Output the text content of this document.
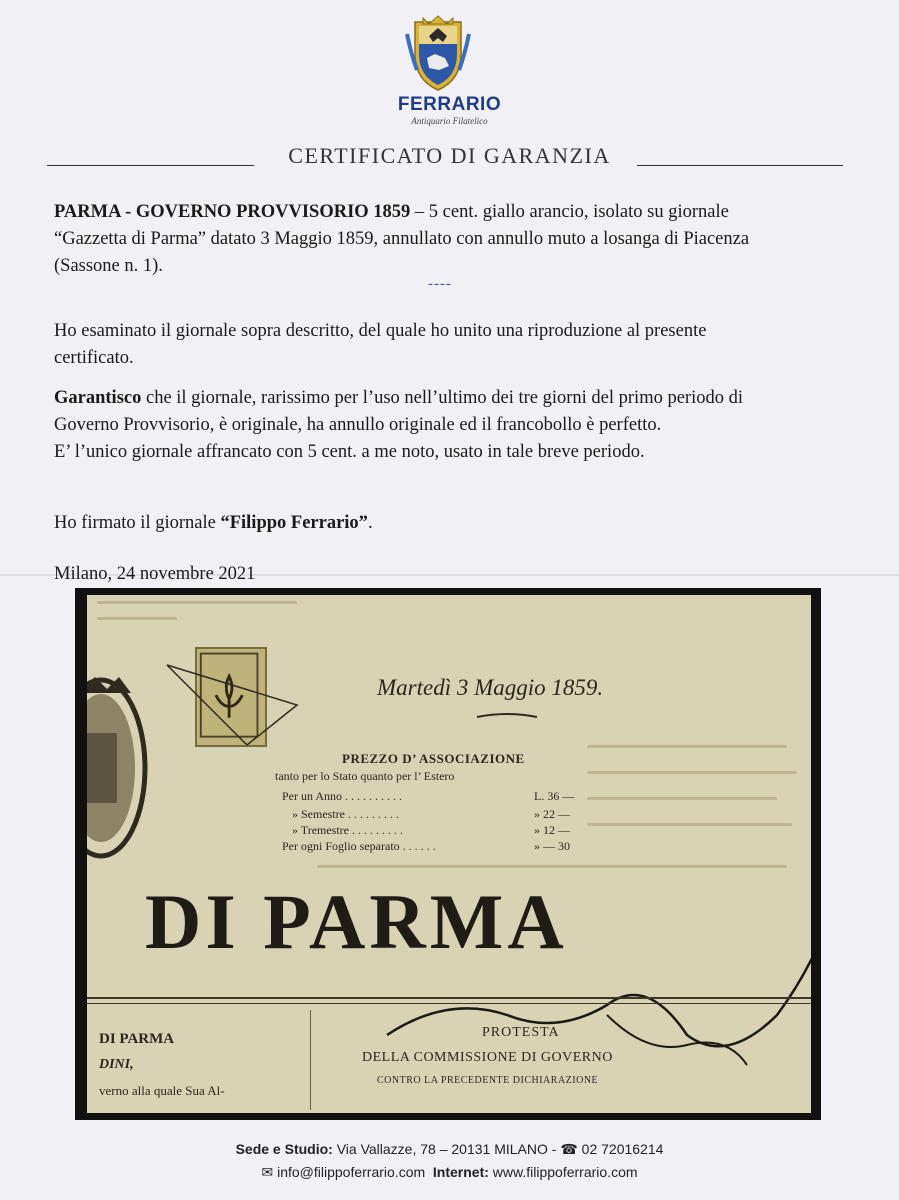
FERRARIO
Antiquario Filatelico
CERTIFICATO DI GARANZIA
PARMA - GOVERNO PROVVISORIO 1859 – 5 cent. giallo arancio, isolato su giornale
“Gazzetta di Parma” datato 3 Maggio 1859, annullato con annullo muto a losanga di Piacenza
(Sassone n. 1).
----
Ho esaminato il giornale sopra descritto, del quale ho unito una riproduzione al presente
certificato.
Garantisco che il giornale, rarissimo per l’uso nell’ultimo dei tre giorni del primo periodo di
Governo Provvisorio, è originale, ha annullo originale ed il francobollo è perfetto.
E’ l’unico giornale affrancato con 5 cent. a me noto, usato in tale breve periodo.
Ho firmato il giornale “Filippo Ferrario”.
Milano, 24 novembre 2021
Martedì 3 Maggio 1859.
PREZZO D’ ASSOCIAZIONE
tanto per lo Stato quanto per l’ Estero
Per un Anno . . . . . . . . . .	L. 36 —
» Semestre . . . . . . . . .	» 22 —
» Tremestre . . . . . . . . .	» 12 —
Per ogni Foglio separato . . . . . .	» — 30
DI PARMA
DI PARMA
DINI,
verno alla quale Sua Al-
PROTESTA
DELLA COMMISSIONE DI GOVERNO
CONTRO LA PRECEDENTE DICHIARAZIONE
Sede e Studio: Via Vallazze, 78 – 20131 MILANO - ☎ 02 72016214
✉ info@filippoferrario.com Internet: www.filippoferrario.com
